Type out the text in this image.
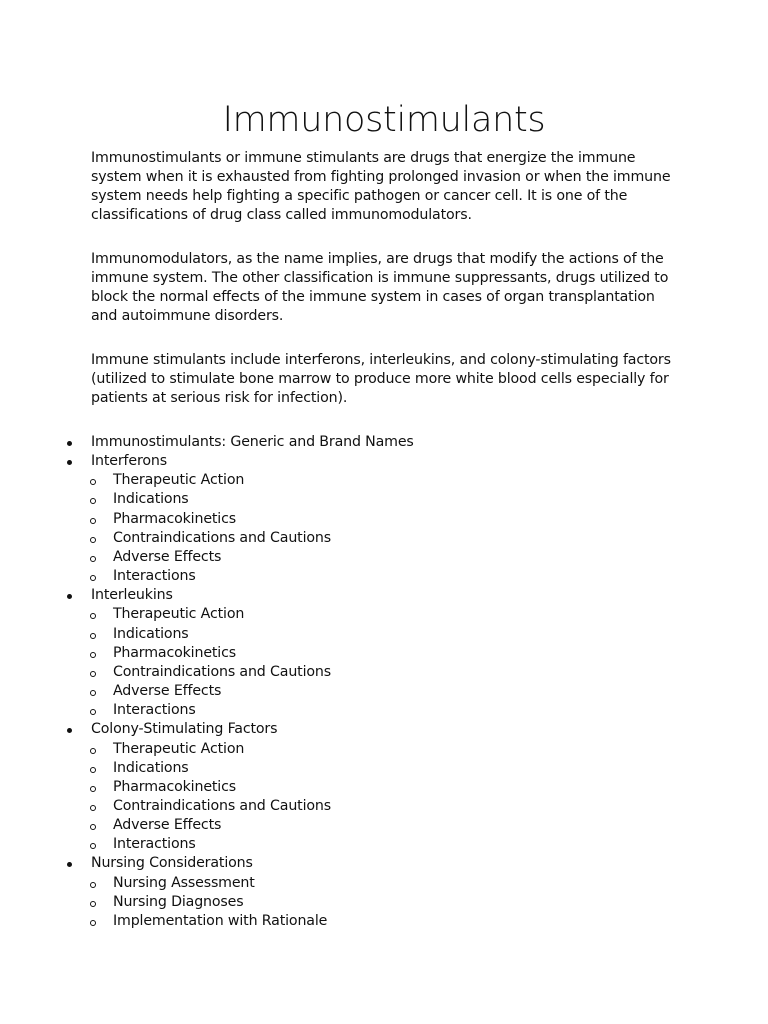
Immunostimulants

Immunostimulants or immune stimulants are drugs that energize the immune system when it is exhausted from fighting prolonged invasion or when the immune system needs help fighting a specific pathogen or cancer cell. It is one of the classifications of drug class called immunomodulators.

Immunomodulators, as the name implies, are drugs that modify the actions of the immune system. The other classification is immune suppressants, drugs utilized to block the normal effects of the immune system in cases of organ transplantation and autoimmune disorders.

Immune stimulants include interferons, interleukins, and colony-stimulating factors (utilized to stimulate bone marrow to produce more white blood cells especially for patients at serious risk for infection).

Immunostimulants: Generic and Brand Names
Interferons
Therapeutic Action
Indications
Pharmacokinetics
Contraindications and Cautions
Adverse Effects
Interactions
Interleukins
Therapeutic Action
Indications
Pharmacokinetics
Contraindications and Cautions
Adverse Effects
Interactions
Colony-Stimulating Factors
Therapeutic Action
Indications
Pharmacokinetics
Contraindications and Cautions
Adverse Effects
Interactions
Nursing Considerations
Nursing Assessment
Nursing Diagnoses
Implementation with Rationale
